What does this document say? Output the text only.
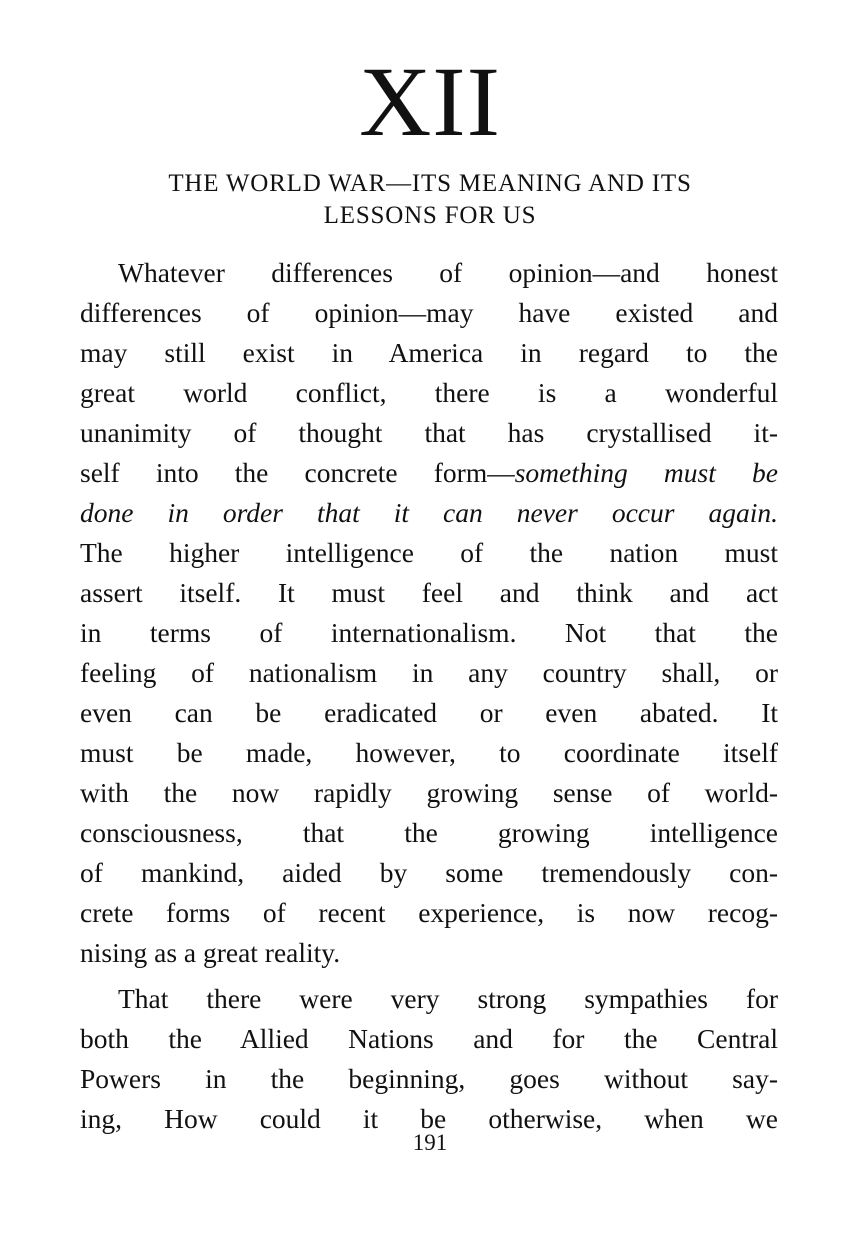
XII
THE WORLD WAR—ITS MEANING AND ITS
LESSONS FOR US
Whatever differences of opinion—and honest
differences of opinion—may have existed and
may still exist in America in regard to the
great world conflict, there is a wonderful
unanimity of thought that has crystallised it-
self into the concrete form—something must be
done in order that it can never occur again.
The higher intelligence of the nation must
assert itself. It must feel and think and act
in terms of internationalism. Not that the
feeling of nationalism in any country shall, or
even can be eradicated or even abated. It
must be made, however, to coordinate itself
with the now rapidly growing sense of world-
consciousness, that the growing intelligence
of mankind, aided by some tremendously con-
crete forms of recent experience, is now recog-
nising as a great reality.
That there were very strong sympathies for
both the Allied Nations and for the Central
Powers in the beginning, goes without say-
ing, How could it be otherwise, when we
191
